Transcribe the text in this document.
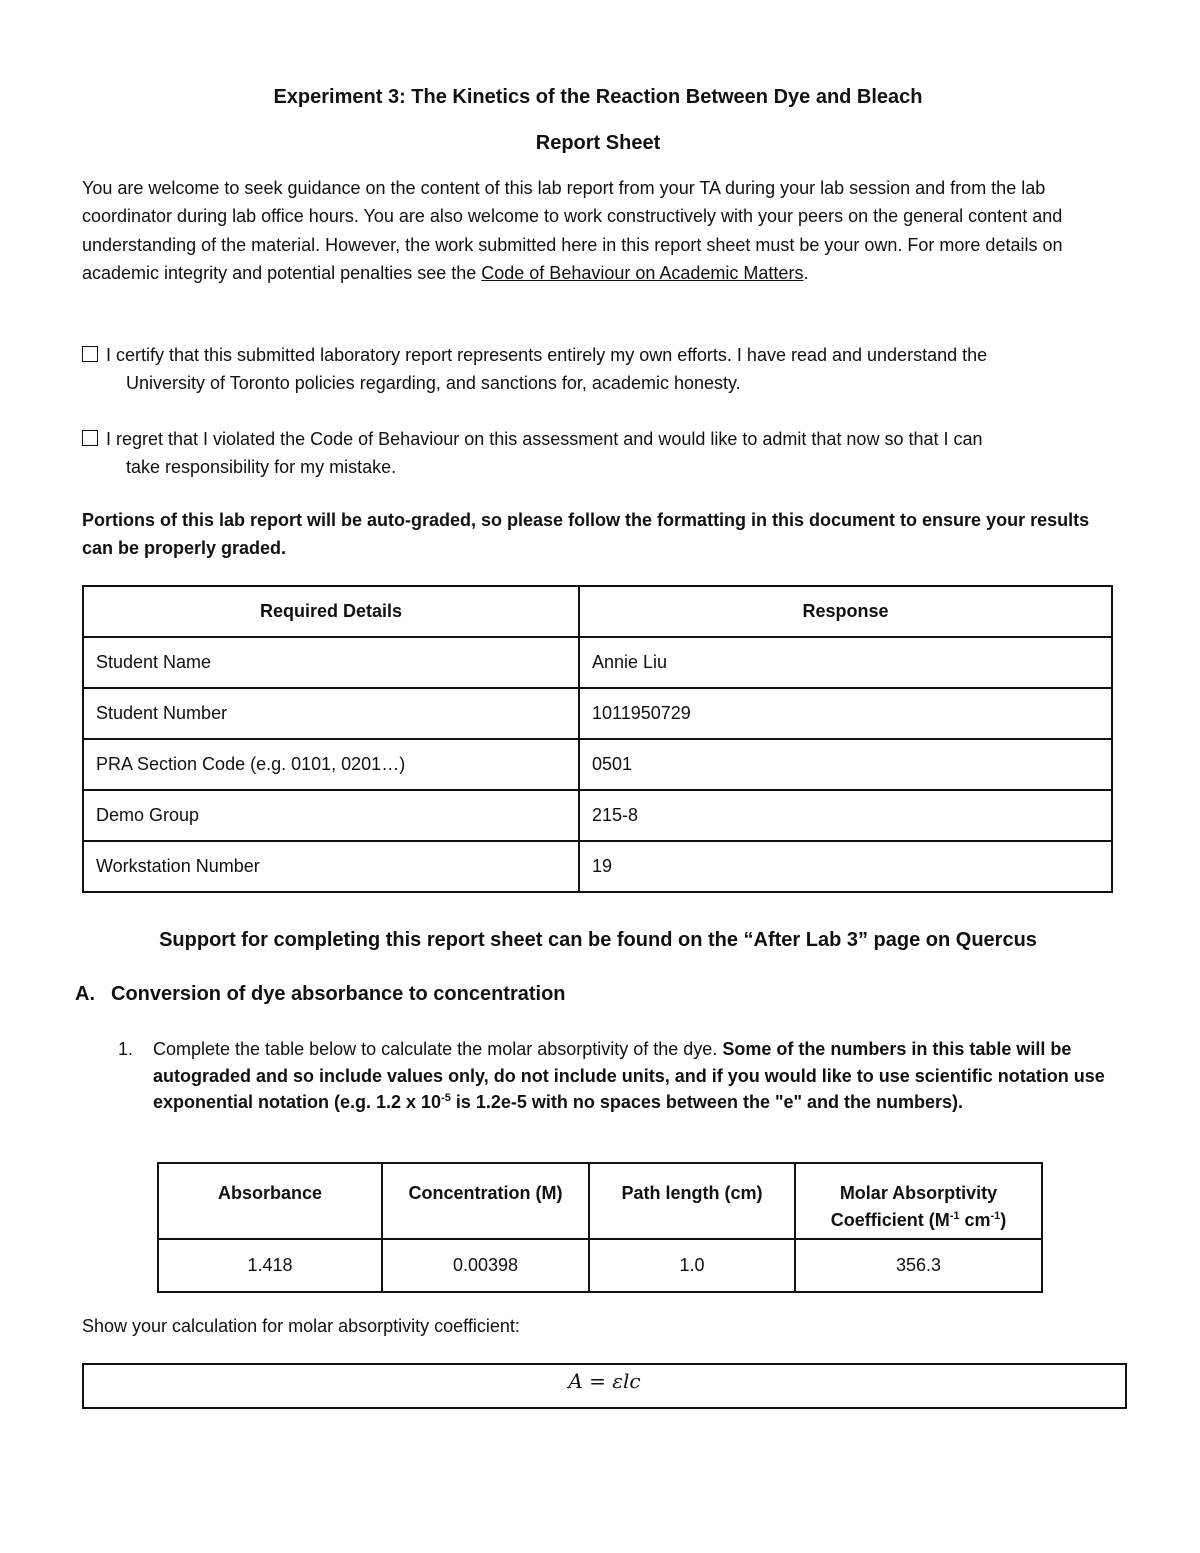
Experiment 3: The Kinetics of the Reaction Between Dye and Bleach
Report Sheet
You are welcome to seek guidance on the content of this lab report from your TA during your lab session and from the lab coordinator during lab office hours. You are also welcome to work constructively with your peers on the general content and understanding of the material. However, the work submitted here in this report sheet must be your own. For more details on academic integrity and potential penalties see the Code of Behaviour on Academic Matters.
I certify that this submitted laboratory report represents entirely my own efforts. I have read and understand the
University of Toronto policies regarding, and sanctions for, academic honesty.
I regret that I violated the Code of Behaviour on this assessment and would like to admit that now so that I can
take responsibility for my mistake.
Portions of this lab report will be auto-graded, so please follow the formatting in this document to ensure your results can be properly graded.
Required Details	Response
Student Name	Annie Liu
Student Number	1011950729
PRA Section Code (e.g. 0101, 0201…)	0501
Demo Group	215-8
Workstation Number	19
Support for completing this report sheet can be found on the “After Lab 3” page on Quercus
A. Conversion of dye absorbance to concentration
1.	Complete the table below to calculate the molar absorptivity of the dye. Some of the numbers in this table will be autograded and so include values only, do not include units, and if you would like to use scientific notation use exponential notation (e.g. 1.2 x $10^{-5}$ is 1.2e-5 with no spaces between the "e" and the numbers).
Absorbance	Concentration (M)	Path length (cm)	Molar Absorptivity
Coefficient ($M^{-1}$ $cm^{-1}$)
1.418	0.00398	1.0	356.3
Show your calculation for molar absorptivity coefficient:
A = εlc
